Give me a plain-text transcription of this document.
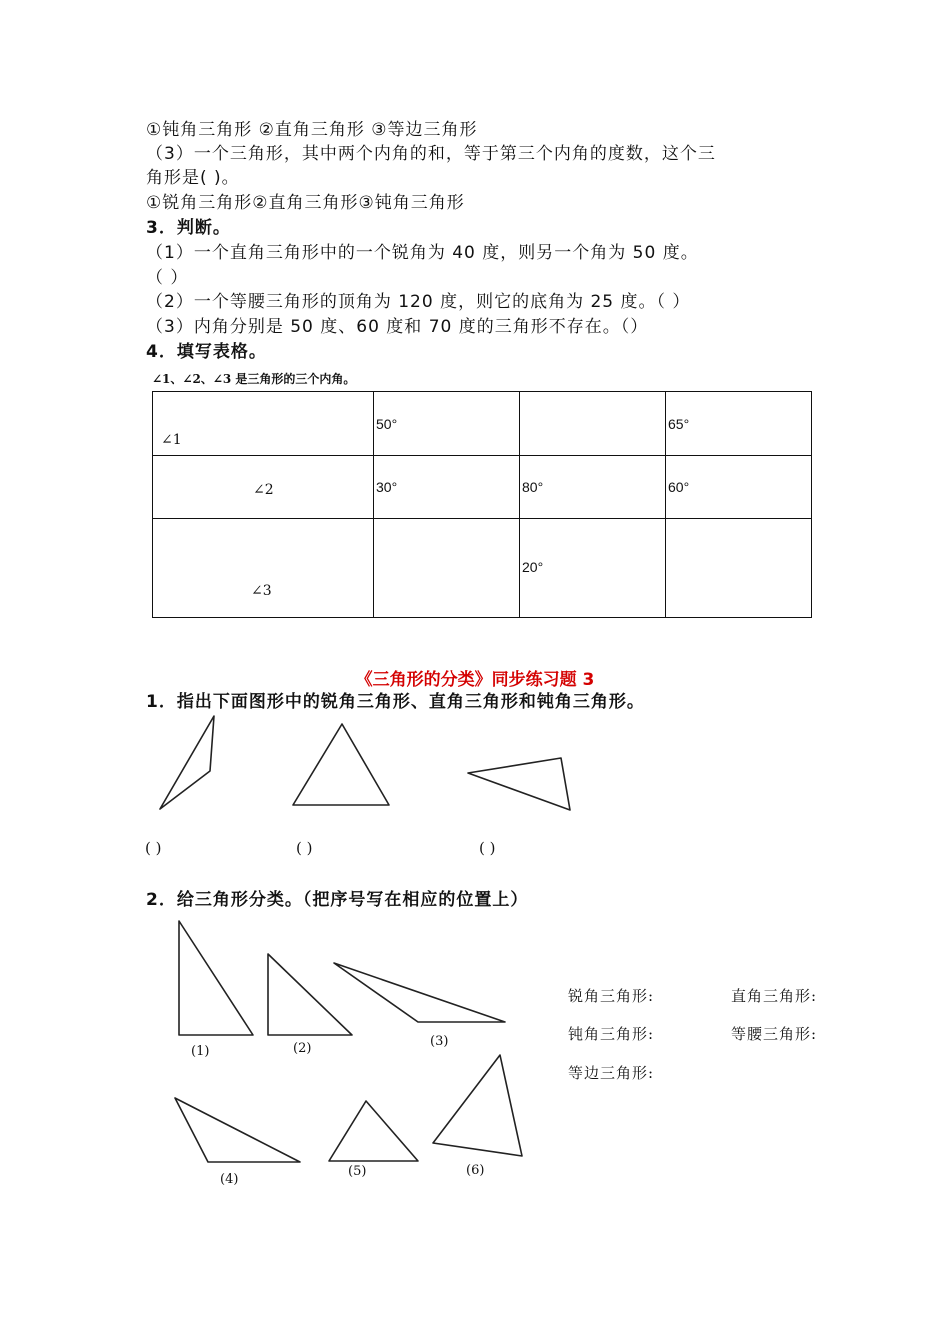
①钝角三角形 ②直角三角形 ③等边三角形
（3）一个三角形，其中两个内角的和，等于第三个内角的度数，这个三
角形是( )。
①锐角三角形②直角三角形③钝角三角形
3．判断。
（1）一个直角三角形中的一个锐角为 40 度，则另一个角为 50 度。
（ ）
（2）一个等腰三角形的顶角为 120 度，则它的底角为 25 度。（ ）
（3）内角分别是 50 度、60 度和 70 度的三角形不存在。（）
4．填写表格。
∠1、∠2、∠3 是三角形的三个内角。
∠1	50°		65°

∠2	30°	80°	60°

∠3		20°	

《三角形的分类》同步练习题 3
1．指出下面图形中的锐角三角形、直角三角形和钝角三角形。
( )	( )	( )
2．给三角形分类。（把序号写在相应的位置上）
(1)	(2)	(3)
(4)
(5)	(6)
锐角三角形:	直角三角形:
钝角三角形:	等腰三角形:
等边三角形:
